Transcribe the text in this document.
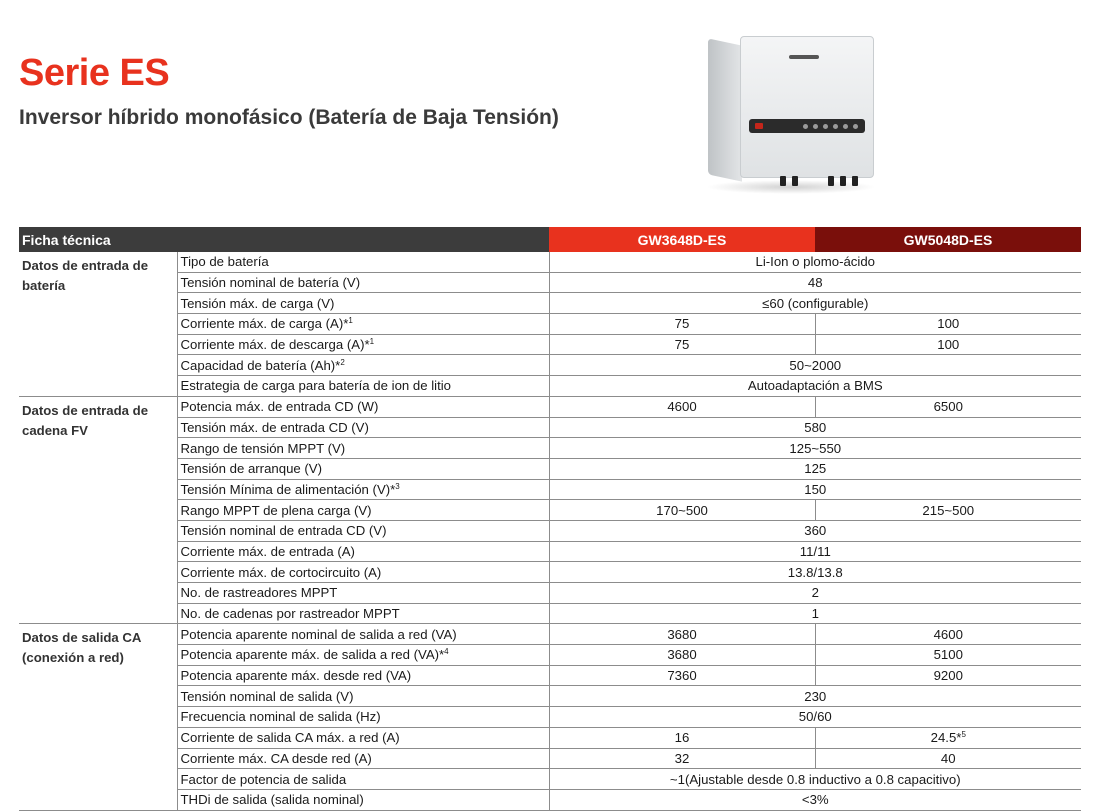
Serie ES
Inversor híbrido monofásico (Batería de Baja Tensión)
Ficha técnica		GW3648D-ES	GW5048D-ES
Datos de entrada de batería	Tipo de batería	Li-Ion o plomo-ácido	
	Tensión nominal de batería (V)	48	
	Tensión máx. de carga (V)	≤60 (configurable)	
	Corriente máx. de carga (A)*$^1$	75	100
	Corriente máx. de descarga (A)*$^1$	75	100
	Capacidad de batería (Ah)*$^2$	50~2000	
	Estrategia de carga para batería de ion de litio	Autoadaptación a BMS	
Datos de entrada de cadena FV	Potencia máx. de entrada CD (W)	4600	6500
	Tensión máx. de entrada CD (V)	580	
	Rango de tensión MPPT (V)	125~550	
	Tensión de arranque (V)	125	
	Tensión Mínima de alimentación (V)*$^3$	150	
	Rango MPPT de plena carga (V)	170~500	215~500
	Tensión nominal de entrada CD (V)	360	
	Corriente máx. de entrada (A)	11/11	
	Corriente máx. de cortocircuito (A)	13.8/13.8	
	No. de rastreadores MPPT	2	
	No. de cadenas por rastreador MPPT	1	
Datos de salida CA (conexión a red)	Potencia aparente nominal de salida a red (VA)	3680	4600
	Potencia aparente máx. de salida a red (VA)*$^4$	3680	5100
	Potencia aparente máx. desde red (VA)	7360	9200
	Tensión nominal de salida (V)	230	
	Frecuencia nominal de salida (Hz)	50/60	
	Corriente de salida CA máx. a red (A)	16	24.5*$^5$
	Corriente máx. CA desde red (A)	32	40
	Factor de potencia de salida	~1(Ajustable desde 0.8 inductivo a 0.8 capacitivo)	
	THDi de salida (salida nominal)	<3%	
